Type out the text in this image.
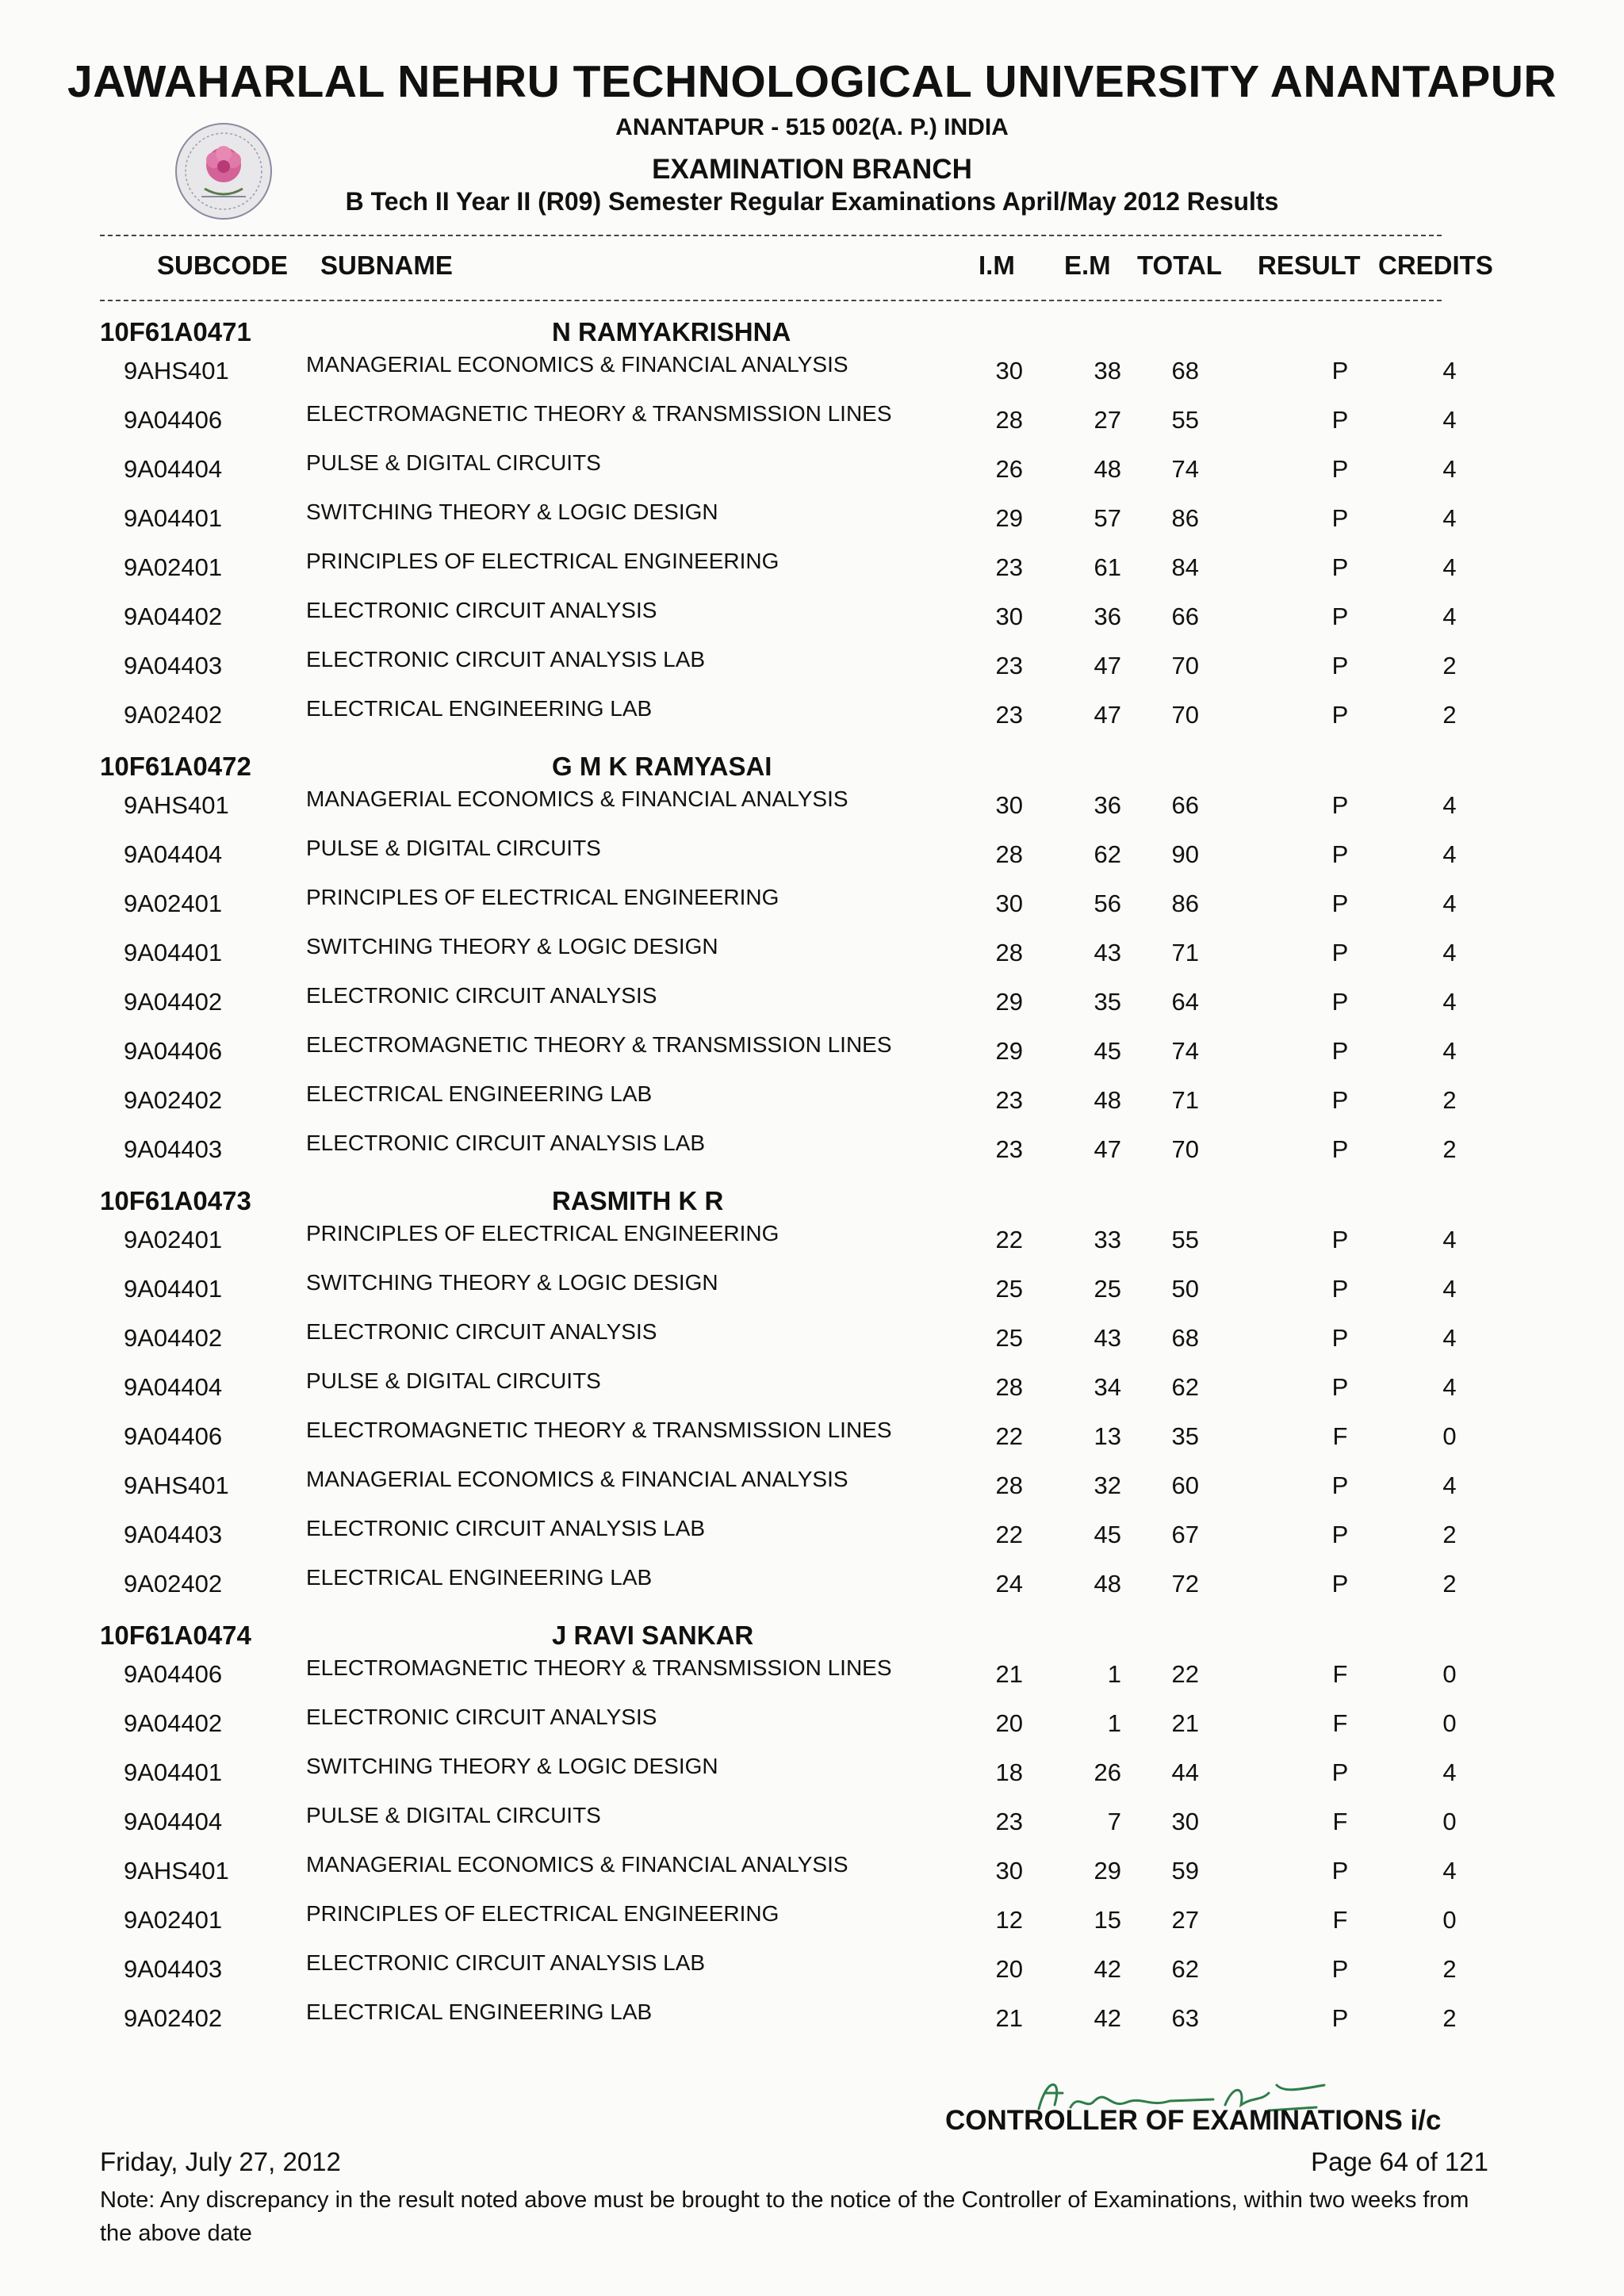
JAWAHARLAL NEHRU TECHNOLOGICAL UNIVERSITY ANANTAPUR
ANANTAPUR - 515 002(A. P.) INDIA
EXAMINATION BRANCH
B Tech II Year II (R09) Semester Regular Examinations April/May 2012 Results
SUBCODE SUBNAME	I.M E.M TOTAL RESULT CREDITS
10F61A0471	N RAMYAKRISHNA
9AHS401	MANAGERIAL ECONOMICS & FINANCIAL ANALYSIS	30	38	68	P	4
9A04406	ELECTROMAGNETIC THEORY & TRANSMISSION LINES	28	27	55	P	4
9A04404	PULSE & DIGITAL CIRCUITS	26	48	74	P	4
9A04401	SWITCHING THEORY & LOGIC DESIGN	29	57	86	P	4
9A02401	PRINCIPLES OF ELECTRICAL ENGINEERING	23	61	84	P	4
9A04402	ELECTRONIC CIRCUIT ANALYSIS	30	36	66	P	4
9A04403	ELECTRONIC CIRCUIT ANALYSIS LAB	23	47	70	P	2
9A02402	ELECTRICAL ENGINEERING LAB	23	47	70	P	2
10F61A0472	G M K RAMYASAI
9AHS401	MANAGERIAL ECONOMICS & FINANCIAL ANALYSIS	30	36	66	P	4
9A04404	PULSE & DIGITAL CIRCUITS	28	62	90	P	4
9A02401	PRINCIPLES OF ELECTRICAL ENGINEERING	30	56	86	P	4
9A04401	SWITCHING THEORY & LOGIC DESIGN	28	43	71	P	4
9A04402	ELECTRONIC CIRCUIT ANALYSIS	29	35	64	P	4
9A04406	ELECTROMAGNETIC THEORY & TRANSMISSION LINES	29	45	74	P	4
9A02402	ELECTRICAL ENGINEERING LAB	23	48	71	P	2
9A04403	ELECTRONIC CIRCUIT ANALYSIS LAB	23	47	70	P	2
10F61A0473	RASMITH K R
9A02401	PRINCIPLES OF ELECTRICAL ENGINEERING	22	33	55	P	4
9A04401	SWITCHING THEORY & LOGIC DESIGN	25	25	50	P	4
9A04402	ELECTRONIC CIRCUIT ANALYSIS	25	43	68	P	4
9A04404	PULSE & DIGITAL CIRCUITS	28	34	62	P	4
9A04406	ELECTROMAGNETIC THEORY & TRANSMISSION LINES	22	13	35	F	0
9AHS401	MANAGERIAL ECONOMICS & FINANCIAL ANALYSIS	28	32	60	P	4
9A04403	ELECTRONIC CIRCUIT ANALYSIS LAB	22	45	67	P	2
9A02402	ELECTRICAL ENGINEERING LAB	24	48	72	P	2
10F61A0474	J RAVI SANKAR
9A04406	ELECTROMAGNETIC THEORY & TRANSMISSION LINES	21	1	22	F	0
9A04402	ELECTRONIC CIRCUIT ANALYSIS	20	1	21	F	0
9A04401	SWITCHING THEORY & LOGIC DESIGN	18	26	44	P	4
9A04404	PULSE & DIGITAL CIRCUITS	23	7	30	F	0
9AHS401	MANAGERIAL ECONOMICS & FINANCIAL ANALYSIS	30	29	59	P	4
9A02401	PRINCIPLES OF ELECTRICAL ENGINEERING	12	15	27	F	0
9A04403	ELECTRONIC CIRCUIT ANALYSIS LAB	20	42	62	P	2
9A02402	ELECTRICAL ENGINEERING LAB	21	42	63	P	2
CONTROLLER OF EXAMINATIONS i/c
Friday, July 27, 2012	Page 64 of 121
Note: Any discrepancy in the result noted above must be brought to the notice of the Controller of Examinations, within two weeks from the above date
